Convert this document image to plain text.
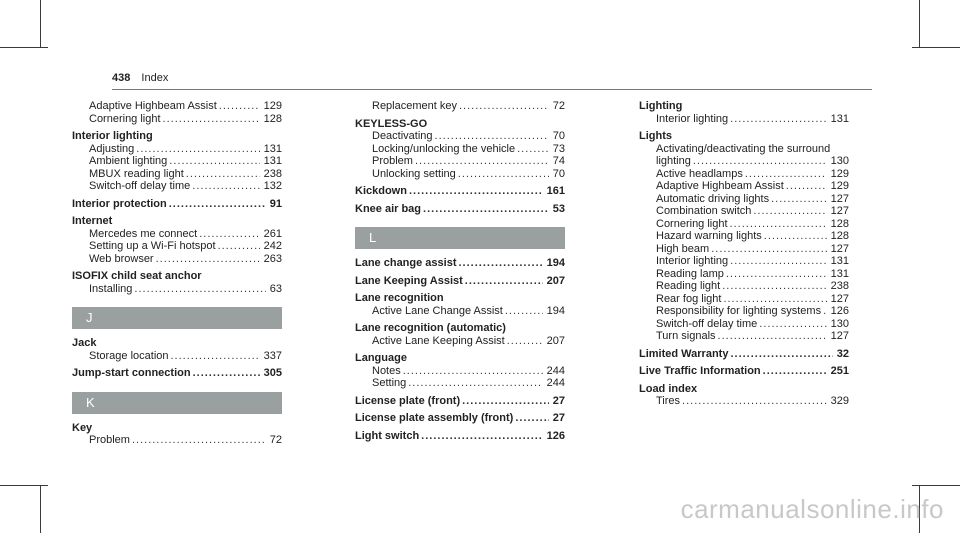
438 Index
Adaptive Highbeam Assist .....	129
Cornering light .....	128
Interior lighting
Adjusting .....	131
Ambient lighting .....	131
MBUX reading light .....	238
Switch-off delay time .....	132
Interior protection .....	91
Internet
Mercedes me connect .....	261
Setting up a Wi-Fi hotspot .....	242
Web browser .....	263
ISOFIX child seat anchor
Installing .....	63
J
Jack
Storage location .....	337
Jump-start connection .....	305
K
Key
Problem .....	72
Replacement key .....	72
KEYLESS-GO
Deactivating .....	70
Locking/unlocking the vehicle .....	73
Problem .....	74
Unlocking setting .....	70
Kickdown .....	161
Knee air bag .....	53
L
Lane change assist .....	194
Lane Keeping Assist .....	207
Lane recognition
Active Lane Change Assist .....	194
Lane recognition (automatic)
Active Lane Keeping Assist .....	207
Language
Notes .....	244
Setting .....	244
License plate (front) .....	27
License plate assembly (front) .....	27
Light switch .....	126
Lighting
Interior lighting .....	131
Lights
Activating/deactivating the surround
lighting .....	130
Active headlamps .....	129
Adaptive Highbeam Assist .....	129
Automatic driving lights .....	127
Combination switch .....	127
Cornering light .....	128
Hazard warning lights .....	128
High beam .....	127
Interior lighting .....	131
Reading lamp .....	131
Reading light .....	238
Rear fog light .....	127
Responsibility for lighting systems ..... 126
Switch-off delay time .....	130
Turn signals .....	127
Limited Warranty .....	32
Live Traffic Information .....	251
Load index
Tires .....	329
carmanualsonline.info
